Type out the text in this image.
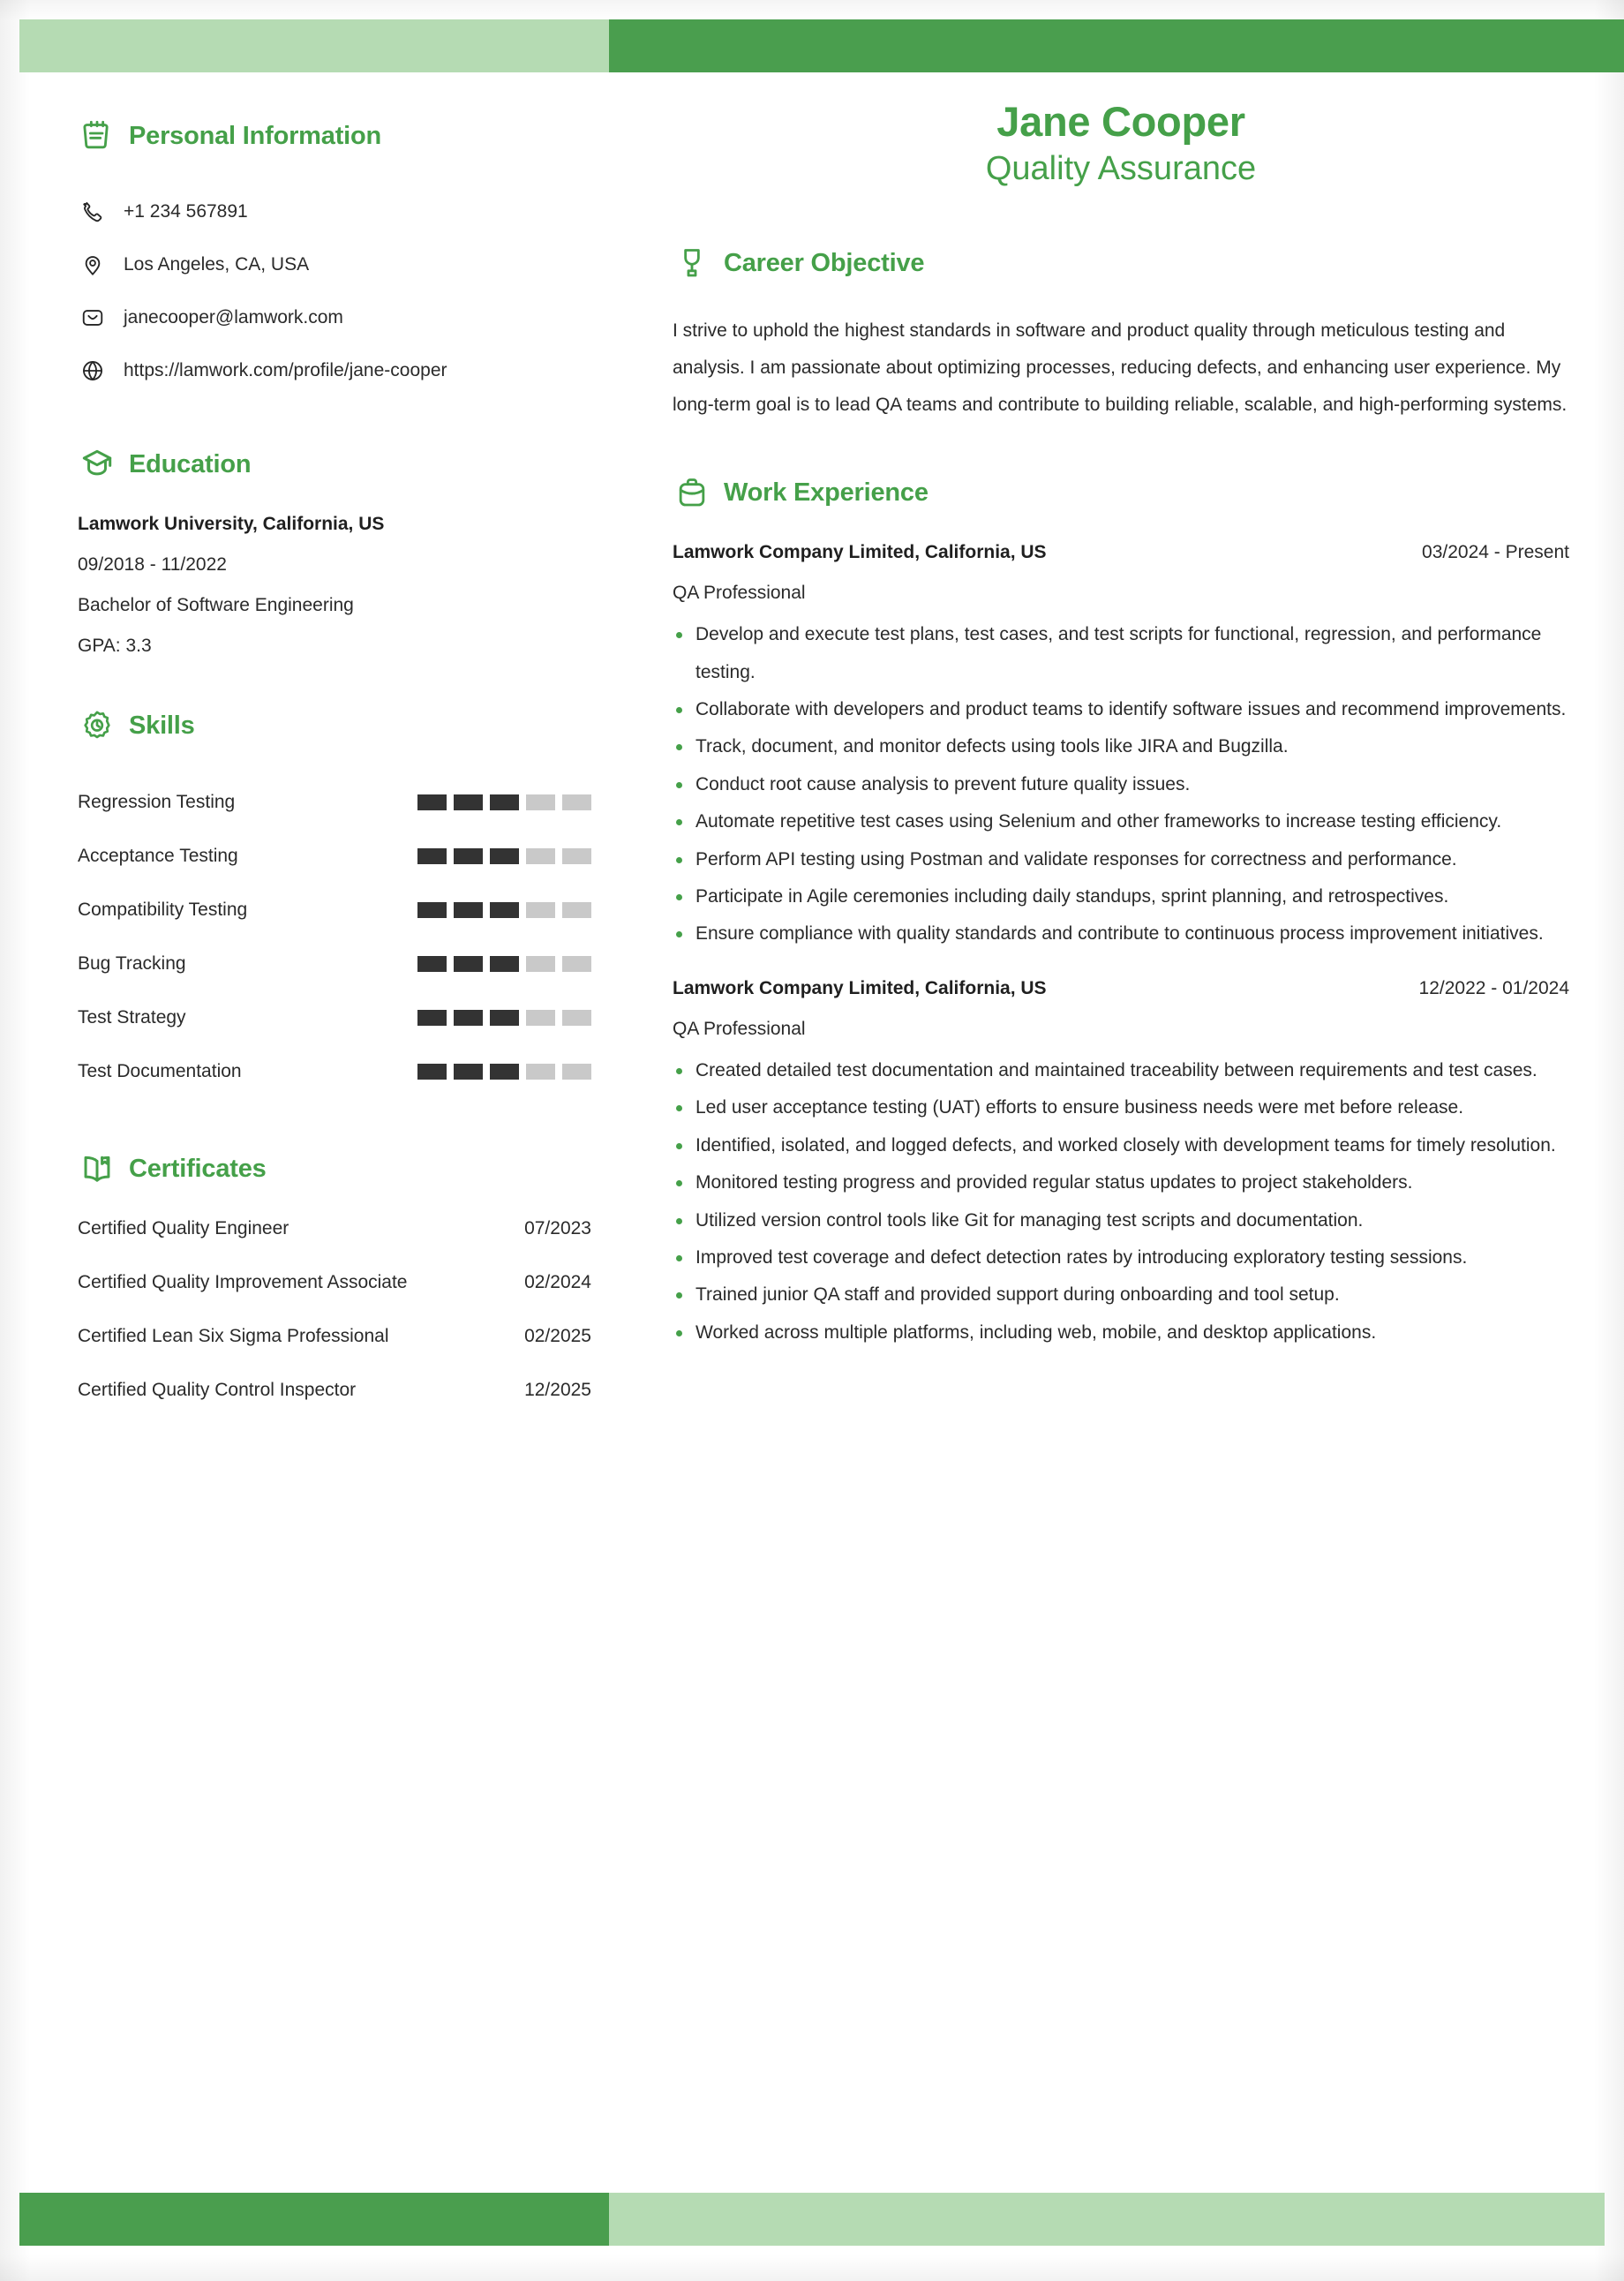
Personal Information
+1 234 567891
Los Angeles, CA, USA
janecooper@lamwork.com
https://lamwork.com/profile/jane-cooper
Education
Lamwork University, California, US
09/2018 - 11/2022
Bachelor of Software Engineering
GPA: 3.3
Skills
Regression Testing
Acceptance Testing
Compatibility Testing
Bug Tracking
Test Strategy
Test Documentation
Certificates
Certified Quality Engineer	07/2023
Certified Quality Improvement Associate	02/2024
Certified Lean Six Sigma Professional	02/2025
Certified Quality Control Inspector	12/2025
Jane Cooper
Quality Assurance
Career Objective
I strive to uphold the highest standards in software and product quality through meticulous testing and analysis. I am passionate about optimizing processes, reducing defects, and enhancing user experience. My long-term goal is to lead QA teams and contribute to building reliable, scalable, and high-performing systems.
Work Experience
Lamwork Company Limited, California, US	03/2024 - Present
QA Professional
Develop and execute test plans, test cases, and test scripts for functional, regression, and performance testing.
Collaborate with developers and product teams to identify software issues and recommend improvements.
Track, document, and monitor defects using tools like JIRA and Bugzilla.
Conduct root cause analysis to prevent future quality issues.
Automate repetitive test cases using Selenium and other frameworks to increase testing efficiency.
Perform API testing using Postman and validate responses for correctness and performance.
Participate in Agile ceremonies including daily standups, sprint planning, and retrospectives.
Ensure compliance with quality standards and contribute to continuous process improvement initiatives.
Lamwork Company Limited, California, US	12/2022 - 01/2024
QA Professional
Created detailed test documentation and maintained traceability between requirements and test cases.
Led user acceptance testing (UAT) efforts to ensure business needs were met before release.
Identified, isolated, and logged defects, and worked closely with development teams for timely resolution.
Monitored testing progress and provided regular status updates to project stakeholders.
Utilized version control tools like Git for managing test scripts and documentation.
Improved test coverage and defect detection rates by introducing exploratory testing sessions.
Trained junior QA staff and provided support during onboarding and tool setup.
Worked across multiple platforms, including web, mobile, and desktop applications.
